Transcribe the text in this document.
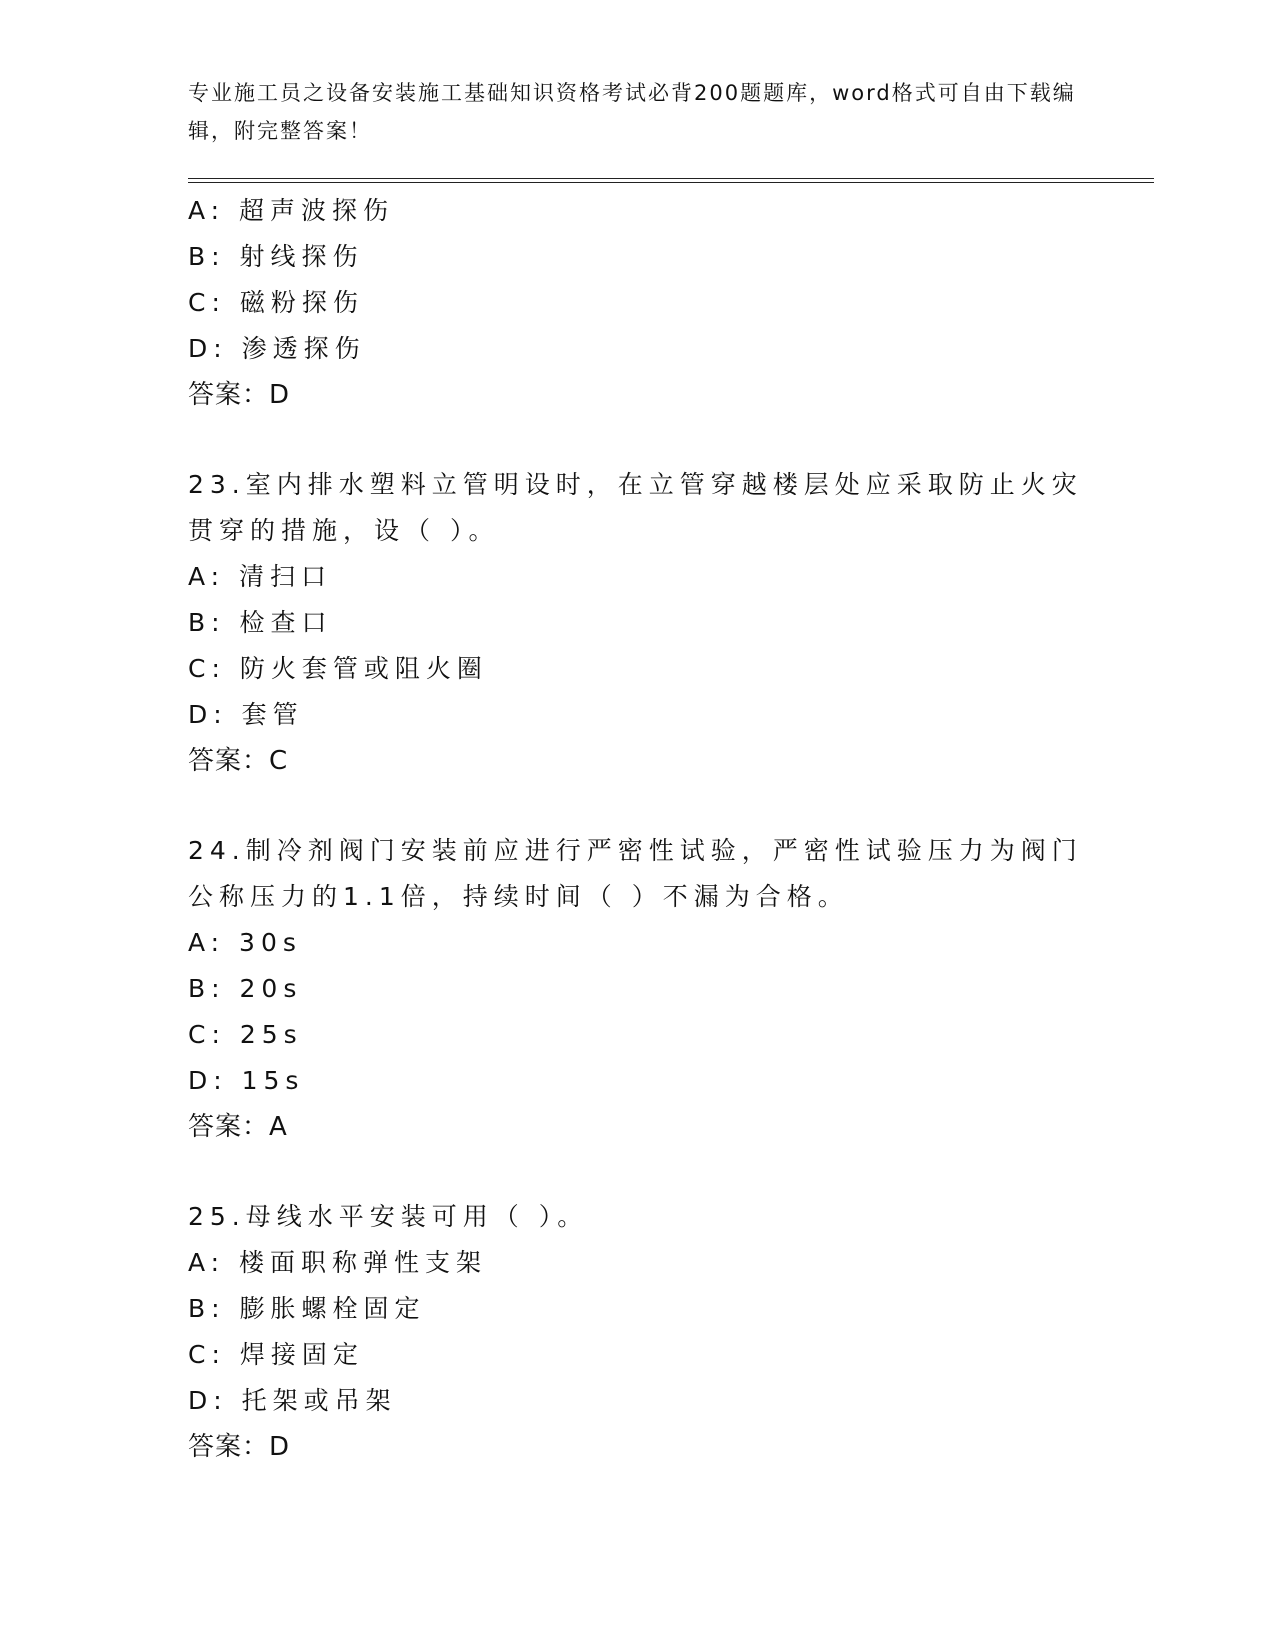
专业施工员之设备安装施工基础知识资格考试必背200题题库，word格式可自由下载编辑，附完整答案！
A: 超声波探伤
B: 射线探伤
C: 磁粉探伤
D: 渗透探伤
答案：D
23.室内排水塑料立管明设时，在立管穿越楼层处应采取防止火灾贯穿的措施，设（ ）。
A: 清扫口
B: 检查口
C: 防火套管或阻火圈
D: 套管
答案：C
24.制冷剂阀门安装前应进行严密性试验，严密性试验压力为阀门公称压力的1.1倍，持续时间（ ）不漏为合格。
A: 30s
B: 20s
C: 25s
D: 15s
答案：A
25.母线水平安装可用（ ）。
A: 楼面职称弹性支架
B: 膨胀螺栓固定
C: 焊接固定
D: 托架或吊架
答案：D
